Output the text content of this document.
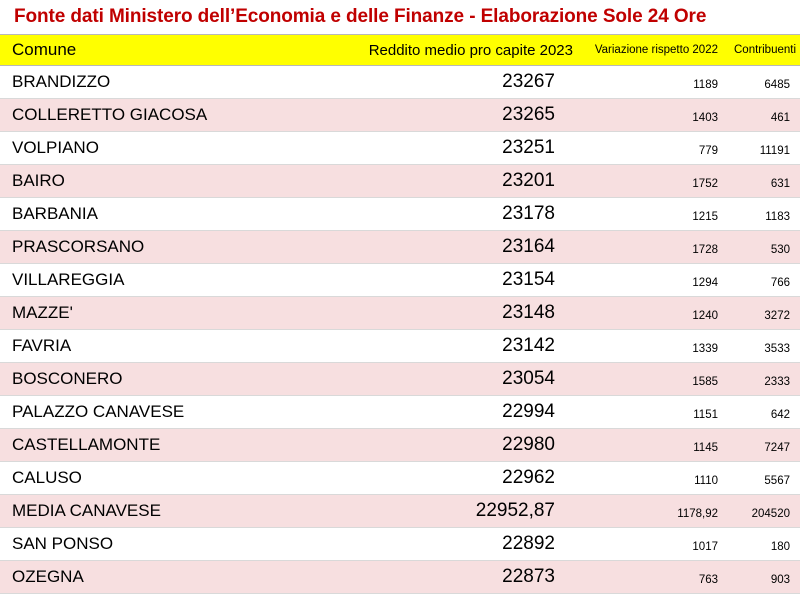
Fonte dati Ministero dell’Economia e delle Finanze - Elaborazione Sole 24 Ore
Comune	Reddito medio pro capite 2023	Variazione rispetto 2022	Contribuenti
BRANDIZZO	23267	1189	6485
COLLERETTO GIACOSA	23265	1403	461
VOLPIANO	23251	779	11191
BAIRO	23201	1752	631
BARBANIA	23178	1215	1183
PRASCORSANO	23164	1728	530
VILLAREGGIA	23154	1294	766
MAZZE'	23148	1240	3272
FAVRIA	23142	1339	3533
BOSCONERO	23054	1585	2333
PALAZZO CANAVESE	22994	1151	642
CASTELLAMONTE	22980	1145	7247
CALUSO	22962	1110	5567
MEDIA CANAVESE	22952,87	1178,92	204520
SAN PONSO	22892	1017	180
OZEGNA	22873	763	903
